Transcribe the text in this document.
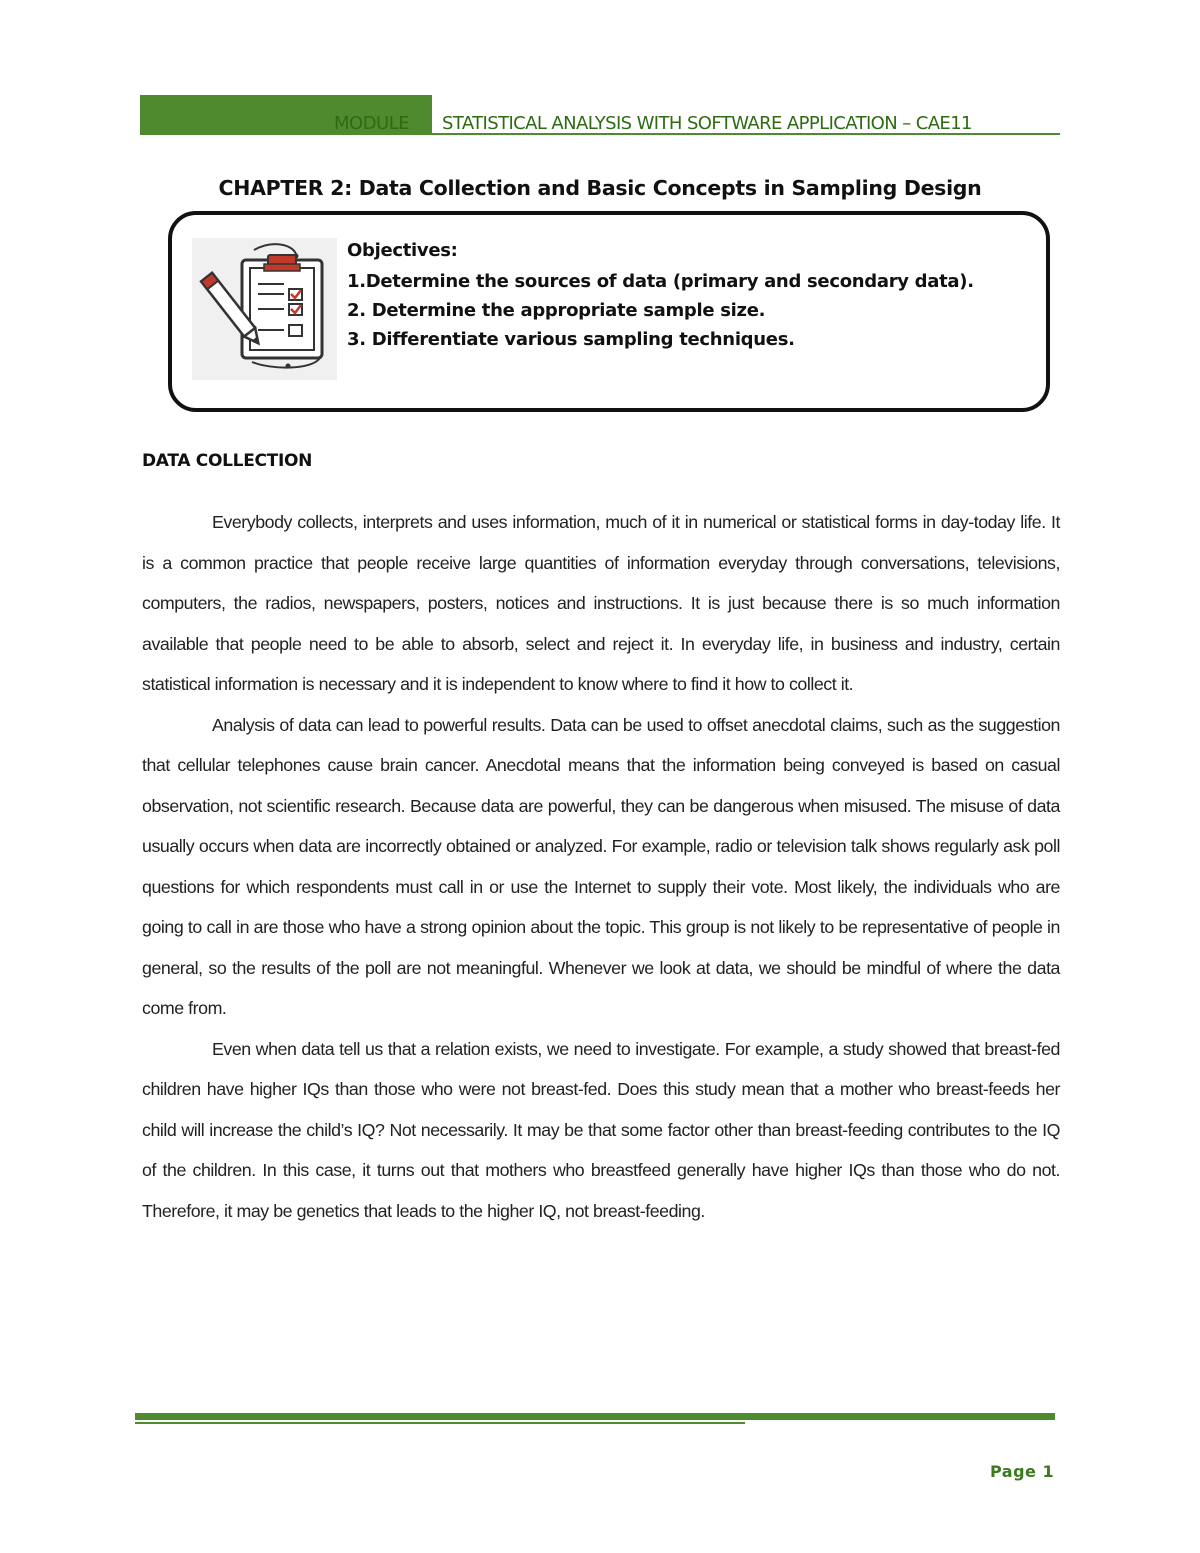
MODULE STATISTICAL ANALYSIS WITH SOFTWARE APPLICATION – CAE11
CHAPTER 2: Data Collection and Basic Concepts in Sampling Design
Objectives:
1.Determine the sources of data (primary and secondary data).
2. Determine the appropriate sample size.
3. Differentiate various sampling techniques.
DATA COLLECTION

Everybody collects, interprets and uses information, much of it in numerical or statistical forms in day-today life. It is a common practice that people receive large quantities of information everyday through conversations, televisions, computers, the radios, newspapers, posters, notices and instructions. It is just because there is so much information available that people need to be able to absorb, select and reject it. In everyday life, in business and industry, certain statistical information is necessary and it is independent to know where to find it how to collect it.

Analysis of data can lead to powerful results. Data can be used to offset anecdotal claims, such as the suggestion that cellular telephones cause brain cancer. Anecdotal means that the information being conveyed is based on casual observation, not scientific research. Because data are powerful, they can be dangerous when misused. The misuse of data usually occurs when data are incorrectly obtained or analyzed. For example, radio or television talk shows regularly ask poll questions for which respondents must call in or use the Internet to supply their vote. Most likely, the individuals who are going to call in are those who have a strong opinion about the topic. This group is not likely to be representative of people in general, so the results of the poll are not meaningful. Whenever we look at data, we should be mindful of where the data come from.

Even when data tell us that a relation exists, we need to investigate. For example, a study showed that breast-fed children have higher IQs than those who were not breast-fed. Does this study mean that a mother who breast-feeds her child will increase the child’s IQ? Not necessarily. It may be that some factor other than breast-feeding contributes to the IQ of the children. In this case, it turns out that mothers who breastfeed generally have higher IQs than those who do not. Therefore, it may be genetics that leads to the higher IQ, not breast-feeding.

Page 1
